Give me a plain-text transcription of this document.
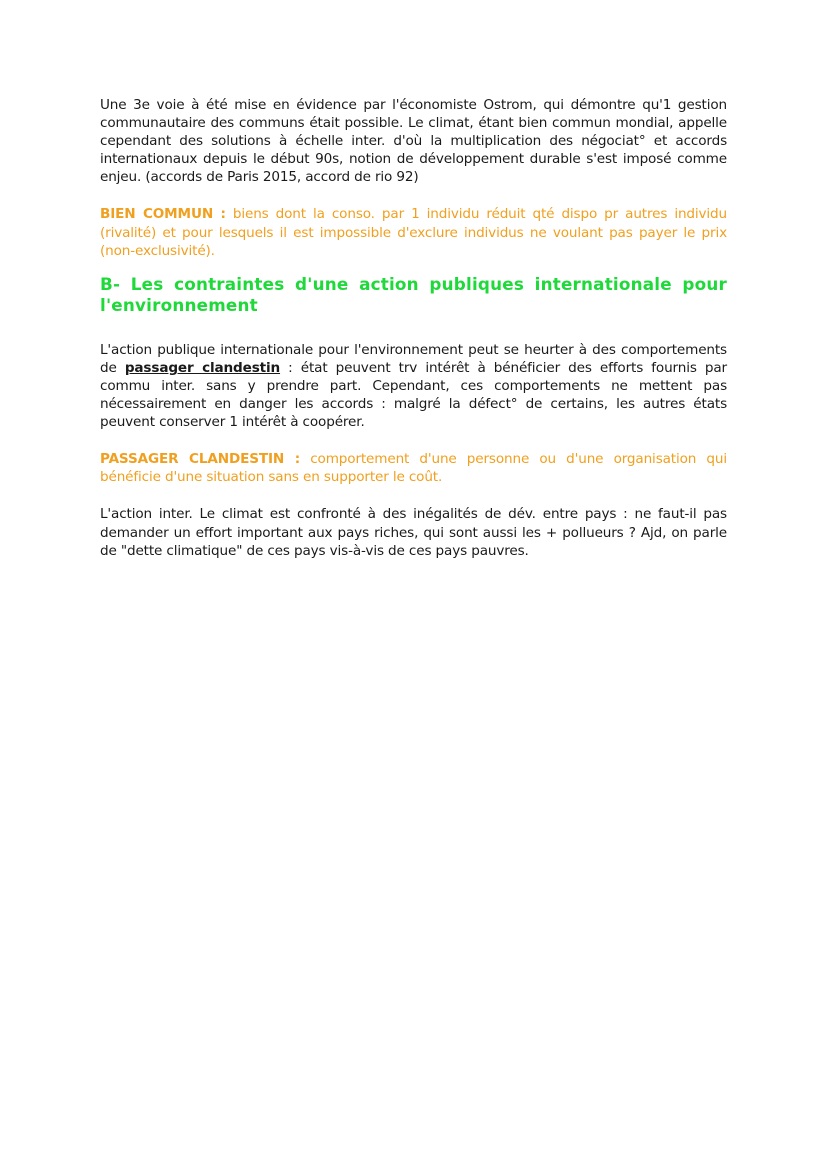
Une 3e voie à été mise en évidence par l'économiste Ostrom, qui démontre qu'1 gestion communautaire des communs était possible. Le climat, étant bien commun mondial, appelle cependant des solutions à échelle inter. d'où la multiplication des négociat° et accords internationaux depuis le début 90s, notion de développement durable s'est imposé comme enjeu. (accords de Paris 2015, accord de rio 92)

BIEN COMMUN : biens dont la conso. par 1 individu réduit qté dispo pr autres individu (rivalité) et pour lesquels il est impossible d'exclure individus ne voulant pas payer le prix (non-exclusivité).

B- Les contraintes d'une action publiques internationale pour l'environnement

L'action publique internationale pour l'environnement peut se heurter à des comportements de passager clandestin : état peuvent trv intérêt à bénéficier des efforts fournis par commu inter. sans y prendre part. Cependant, ces comportements ne mettent pas nécessairement en danger les accords : malgré la défect° de certains, les autres états peuvent conserver 1 intérêt à coopérer.

PASSAGER CLANDESTIN : comportement d'une personne ou d'une organisation qui bénéficie d'une situation sans en supporter le coût.

L'action inter. Le climat est confronté à des inégalités de dév. entre pays : ne faut-il pas demander un effort important aux pays riches, qui sont aussi les + pollueurs ? Ajd, on parle de "dette climatique" de ces pays vis-à-vis de ces pays pauvres.
